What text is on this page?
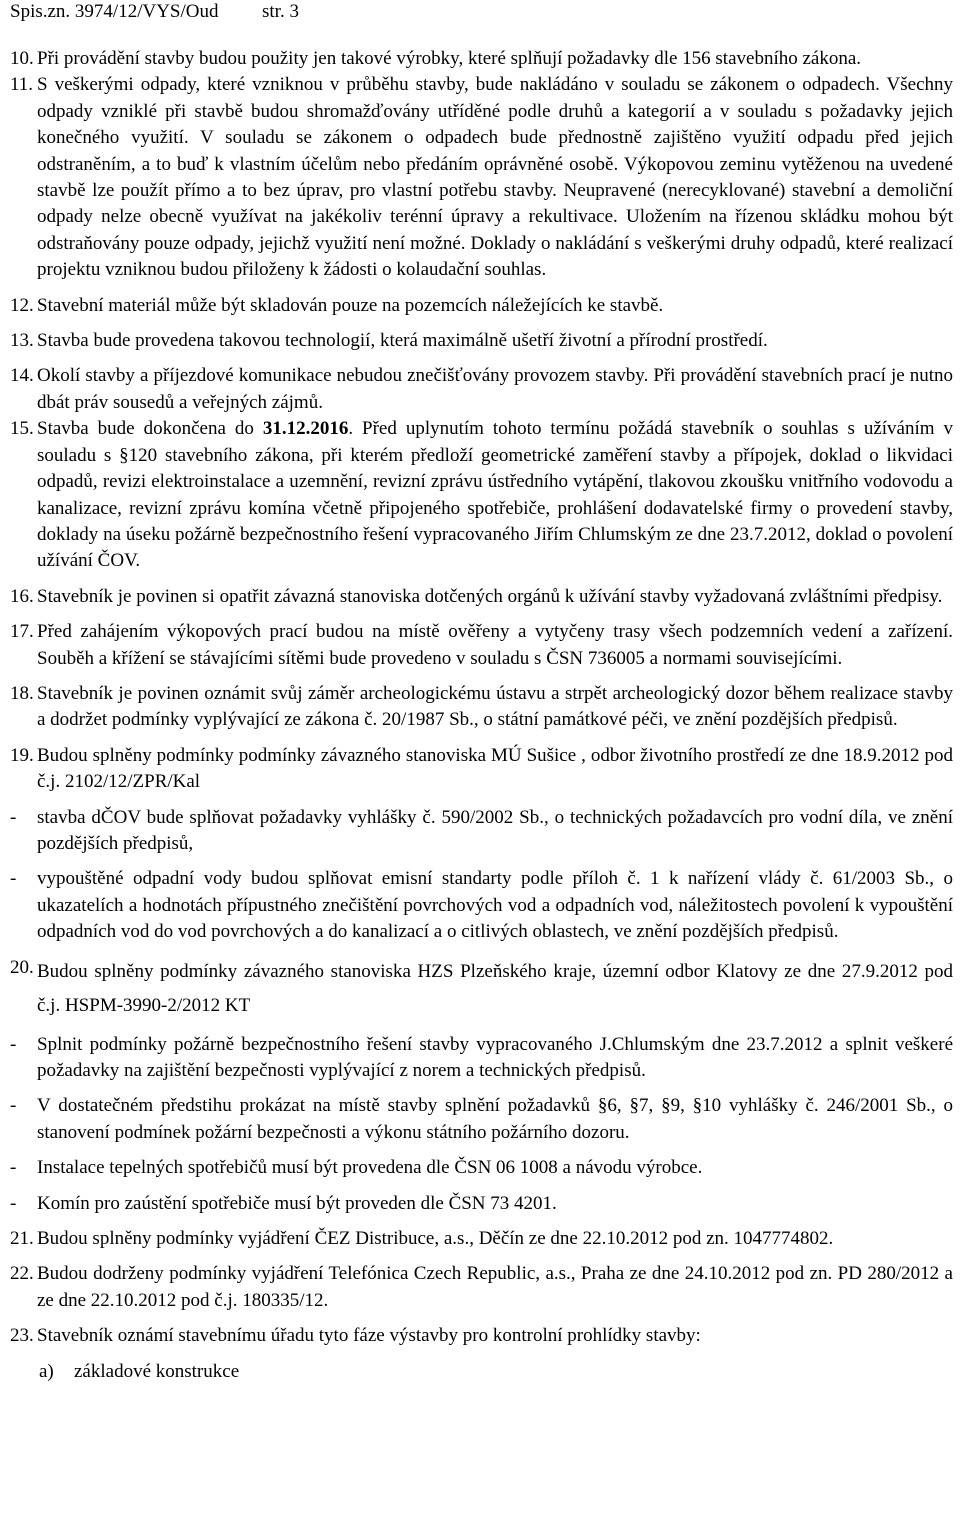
Spis.zn. 3974/12/VYS/Oud	str. 3
10. Při provádění stavby budou použity jen takové výrobky, které splňují požadavky dle 156 stavebního zákona.
11. S veškerými odpady, které vzniknou v průběhu stavby, bude nakládáno v souladu se zákonem o odpadech. Všechny odpady vzniklé při stavbě budou shromažďovány utříděné podle druhů a kategorií a v souladu s požadavky jejich konečného využití. V souladu se zákonem o odpadech bude přednostně zajištěno využití odpadu před jejich odstraněním, a to buď k vlastním účelům nebo předáním oprávněné osobě. Výkopovou zeminu vytěženou na uvedené stavbě lze použít přímo a to bez úprav, pro vlastní potřebu stavby. Neupravené (nerecyklované) stavební a demoliční odpady nelze obecně využívat na jakékoliv terénní úpravy a rekultivace. Uložením na řízenou skládku mohou být odstraňovány pouze odpady, jejichž využití není možné. Doklady o nakládání s veškerými druhy odpadů, které realizací projektu vzniknou budou přiloženy k žádosti o kolaudační souhlas.
12. Stavební materiál může být skladován pouze na pozemcích náležejících ke stavbě.
13. Stavba bude provedena takovou technologií, která maximálně ušetří životní a přírodní prostředí.
14. Okolí stavby a příjezdové komunikace nebudou znečišťovány provozem stavby. Při provádění stavebních prací je nutno dbát práv sousedů a veřejných zájmů.
15. Stavba bude dokončena do 31.12.2016. Před uplynutím tohoto termínu požádá stavebník o souhlas s užíváním v souladu s §120 stavebního zákona, při kterém předloží geometrické zaměření stavby a přípojek, doklad o likvidaci odpadů, revizi elektroinstalace a uzemnění, revizní zprávu ústředního vytápění, tlakovou zkoušku vnitřního vodovodu a kanalizace, revizní zprávu komína včetně připojeného spotřebiče, prohlášení dodavatelské firmy o provedení stavby, doklady na úseku požárně bezpečnostního řešení vypracovaného Jiřím Chlumským ze dne 23.7.2012, doklad o povolení užívání ČOV.
16. Stavebník je povinen si opatřit závazná stanoviska dotčených orgánů k užívání stavby vyžadovaná zvláštními předpisy.
17. Před zahájením výkopových prací budou na místě ověřeny a vytyčeny trasy všech podzemních vedení a zařízení. Souběh a křížení se stávajícími sítěmi bude provedeno v souladu s ČSN 736005 a normami souvisejícími.
18. Stavebník je povinen oznámit svůj záměr archeologickému ústavu a strpět archeologický dozor během realizace stavby a dodržet podmínky vyplývající ze zákona č. 20/1987 Sb., o státní památkové péči, ve znění pozdějších předpisů.
19. Budou splněny podmínky podmínky závazného stanoviska MÚ Sušice , odbor životního prostředí ze dne 18.9.2012 pod č.j. 2102/12/ZPR/Kal
-	stavba dČOV bude splňovat požadavky vyhlášky č. 590/2002 Sb., o technických požadavcích pro vodní díla, ve znění pozdějších předpisů,
-	vypouštěné odpadní vody budou splňovat emisní standarty podle příloh č. 1 k nařízení vlády č. 61/2003 Sb., o ukazatelích a hodnotách přípustného znečištění povrchových vod a odpadních vod, náležitostech povolení k vypouštění odpadních vod do vod povrchových a do kanalizací a o citlivých oblastech, ve znění pozdějších předpisů.
20. Budou splněny podmínky závazného stanoviska HZS Plzeňského kraje, územní odbor Klatovy ze dne 27.9.2012 pod č.j. HSPM-3990-2/2012 KT
-	Splnit podmínky požárně bezpečnostního řešení stavby vypracovaného J.Chlumským dne 23.7.2012 a splnit veškeré požadavky na zajištění bezpečnosti vyplývající z norem a technických předpisů.
-	V dostatečném předstihu prokázat na místě stavby splnění požadavků §6, §7, §9, §10 vyhlášky č. 246/2001 Sb., o stanovení podmínek požární bezpečnosti a výkonu státního požárního dozoru.
-	Instalace tepelných spotřebičů musí být provedena dle ČSN 06 1008 a návodu výrobce.
-	Komín pro zaústění spotřebiče musí být proveden dle ČSN 73 4201.
21. Budou splněny podmínky vyjádření ČEZ Distribuce, a.s., Děčín ze dne 22.10.2012 pod zn. 1047774802.
22. Budou dodrženy podmínky vyjádření Telefónica Czech Republic, a.s., Praha ze dne 24.10.2012 pod zn. PD 280/2012 a ze dne 22.10.2012 pod č.j. 180335/12.
23. Stavebník oznámí stavebnímu úřadu tyto fáze výstavby pro kontrolní prohlídky stavby:
a)	základové konstrukce
